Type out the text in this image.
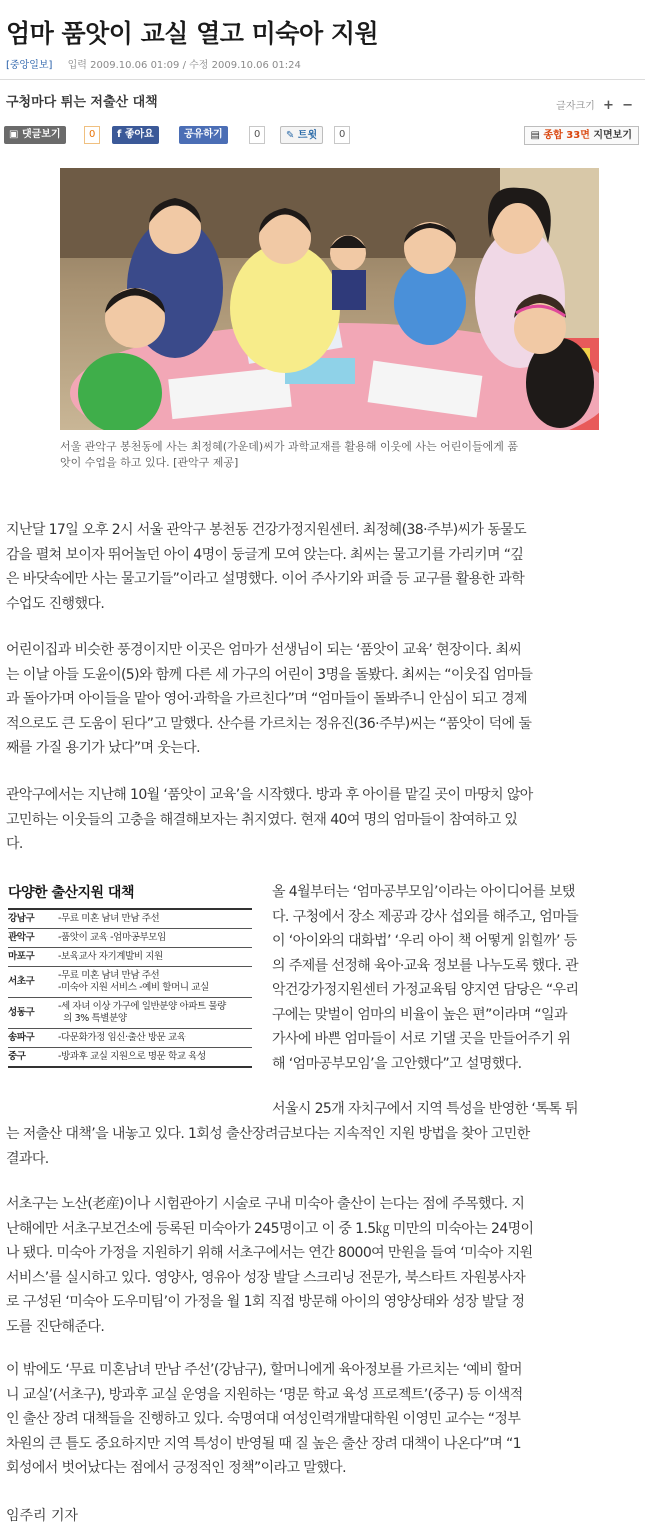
엄마 품앗이 교실 열고 미숙아 지원
[중앙일보] 입력 2009.10.06 01:09 / 수정 2009.10.06 01:24
구청마다 튀는 저출산 대책	글자크기 + −
▣ 댓글보기	0	f 좋아요	공유하기	0	✎ 트윗	0	▤ 종합 33면 지면보기
서울 관악구 봉천동에 사는 최정혜(가운데)씨가 과학교재를 활용해 이웃에 사는 어린이들에게 품
앗이 수업을 하고 있다. [관악구 제공]
지난달 17일 오후 2시 서울 관악구 봉천동 건강가정지원센터. 최정혜(38·주부)씨가 동물도
감을 펼쳐 보이자 뛰어놀던 아이 4명이 둥글게 모여 앉는다. 최씨는 물고기를 가리키며 “깊
은 바닷속에만 사는 물고기들”이라고 설명했다. 이어 주사기와 퍼즐 등 교구를 활용한 과학
수업도 진행했다.
어린이집과 비슷한 풍경이지만 이곳은 엄마가 선생님이 되는 ‘품앗이 교육’ 현장이다. 최씨
는 이날 아들 도윤이(5)와 함께 다른 세 가구의 어린이 3명을 돌봤다. 최씨는 “이웃집 엄마들
과 돌아가며 아이들을 맡아 영어·과학을 가르친다”며 “엄마들이 돌봐주니 안심이 되고 경제
적으로도 큰 도움이 된다”고 말했다. 산수를 가르치는 정유진(36·주부)씨는 “품앗이 덕에 둘
째를 가질 용기가 났다”며 웃는다.
관악구에서는 지난해 10월 ‘품앗이 교육’을 시작했다. 방과 후 아이를 맡길 곳이 마땅치 않아
고민하는 이웃들의 고충을 해결해보자는 취지였다. 현재 40여 명의 엄마들이 참여하고 있
다.
다양한 출산지원 대책
강남구	-무료 미혼 남녀 만남 주선

관악구	-품앗이 교육 -엄마공부모임

마포구	-보육교사 자기계발비 지원

서초구	-무료 미혼 남녀 만남 주선
-미숙아 지원 서비스 -예비 할머니 교실

성동구	-세 자녀 이상 가구에 일반분양 아파트 물량
의 3% 특별분양

송파구	-다문화가정 임신·출산 방문 교육

중구	-방과후 교실 지원으로 명문 학교 육성
올 4월부터는 ‘엄마공부모임’이라는 아이디어를 보탰
다. 구청에서 장소 제공과 강사 섭외를 해주고, 엄마들
이 ‘아이와의 대화법’ ‘우리 아이 책 어떻게 읽힐까’ 등
의 주제를 선정해 육아·교육 정보를 나누도록 했다. 관
악건강가정지원센터 가정교육팀 양지연 담당은 “우리
구에는 맞벌이 엄마의 비율이 높은 편”이라며 “일과
가사에 바쁜 엄마들이 서로 기댈 곳을 만들어주기 위
해 ‘엄마공부모임’을 고안했다”고 설명했다.
서울시 25개 자치구에서 지역 특성을 반영한 ‘톡톡 튀
는 저출산 대책’을 내놓고 있다. 1회성 출산장려금보다는 지속적인 지원 방법을 찾아 고민한
결과다.
서초구는 노산(老産)이나 시험관아기 시술로 구내 미숙아 출산이 는다는 점에 주목했다. 지
난해에만 서초구보건소에 등록된 미숙아가 245명이고 이 중 1.5㎏ 미만의 미숙아는 24명이
나 됐다. 미숙아 가정을 지원하기 위해 서초구에서는 연간 8000여 만원을 들여 ‘미숙아 지원
서비스’를 실시하고 있다. 영양사, 영유아 성장 발달 스크리닝 전문가, 북스타트 자원봉사자
로 구성된 ‘미숙아 도우미팀’이 가정을 월 1회 직접 방문해 아이의 영양상태와 성장 발달 정
도를 진단해준다.
이 밖에도 ‘무료 미혼남녀 만남 주선’(강남구), 할머니에게 육아정보를 가르치는 ‘예비 할머
니 교실’(서초구), 방과후 교실 운영을 지원하는 ‘명문 학교 육성 프로젝트’(중구) 등 이색적
인 출산 장려 대책들을 진행하고 있다. 숙명여대 여성인력개발대학원 이영민 교수는 “정부
차원의 큰 틀도 중요하지만 지역 특성이 반영될 때 질 높은 출산 장려 대책이 나온다”며 “1
회성에서 벗어났다는 점에서 긍정적인 정책”이라고 말했다.
임주리 기자
